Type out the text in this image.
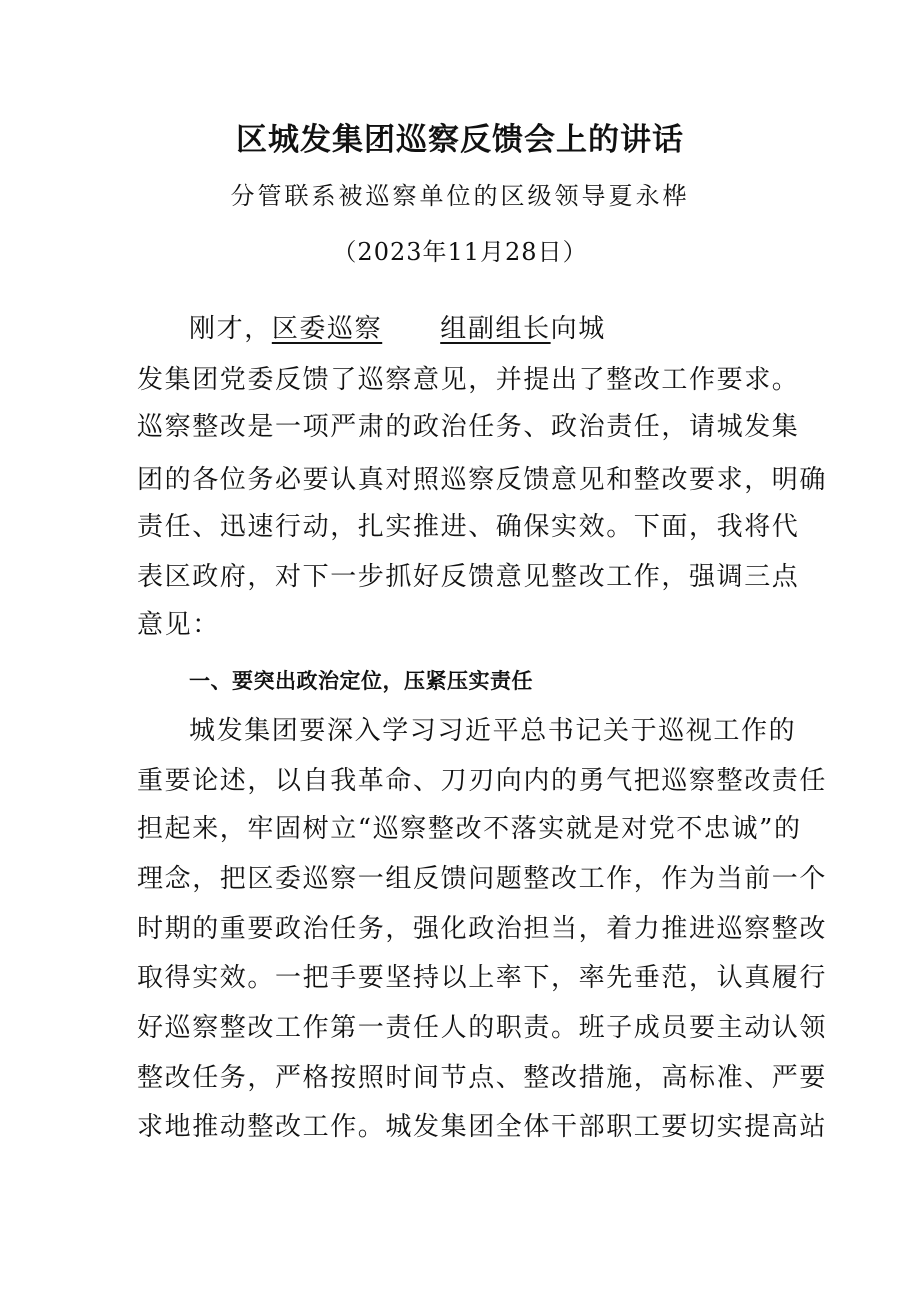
区城发集团巡察反馈会上的讲话
分管联系被巡察单位的区级领导夏永桦
（2023年11月28日）
刚才，区委巡察 组副组长向城
发集团党委反馈了巡察意见，并提出了整改工作要求。
巡察整改是一项严肃的政治任务、政治责任，请城发集
团的各位务必要认真对照巡察反馈意见和整改要求，明确
责任、迅速行动，扎实推进、确保实效。下面，我将代
表区政府，对下一步抓好反馈意见整改工作，强调三点
意见：
一、要突出政治定位，压紧压实责任
城发集团要深入学习习近平总书记关于巡视工作的
重要论述，以自我革命、刀刃向内的勇气把巡察整改责任
担起来，牢固树立“巡察整改不落实就是对党不忠诚”的
理念，把区委巡察一组反馈问题整改工作，作为当前一个
时期的重要政治任务，强化政治担当，着力推进巡察整改
取得实效。一把手要坚持以上率下，率先垂范，认真履行
好巡察整改工作第一责任人的职责。班子成员要主动认领
整改任务，严格按照时间节点、整改措施，高标准、严要
求地推动整改工作。城发集团全体干部职工要切实提高站
